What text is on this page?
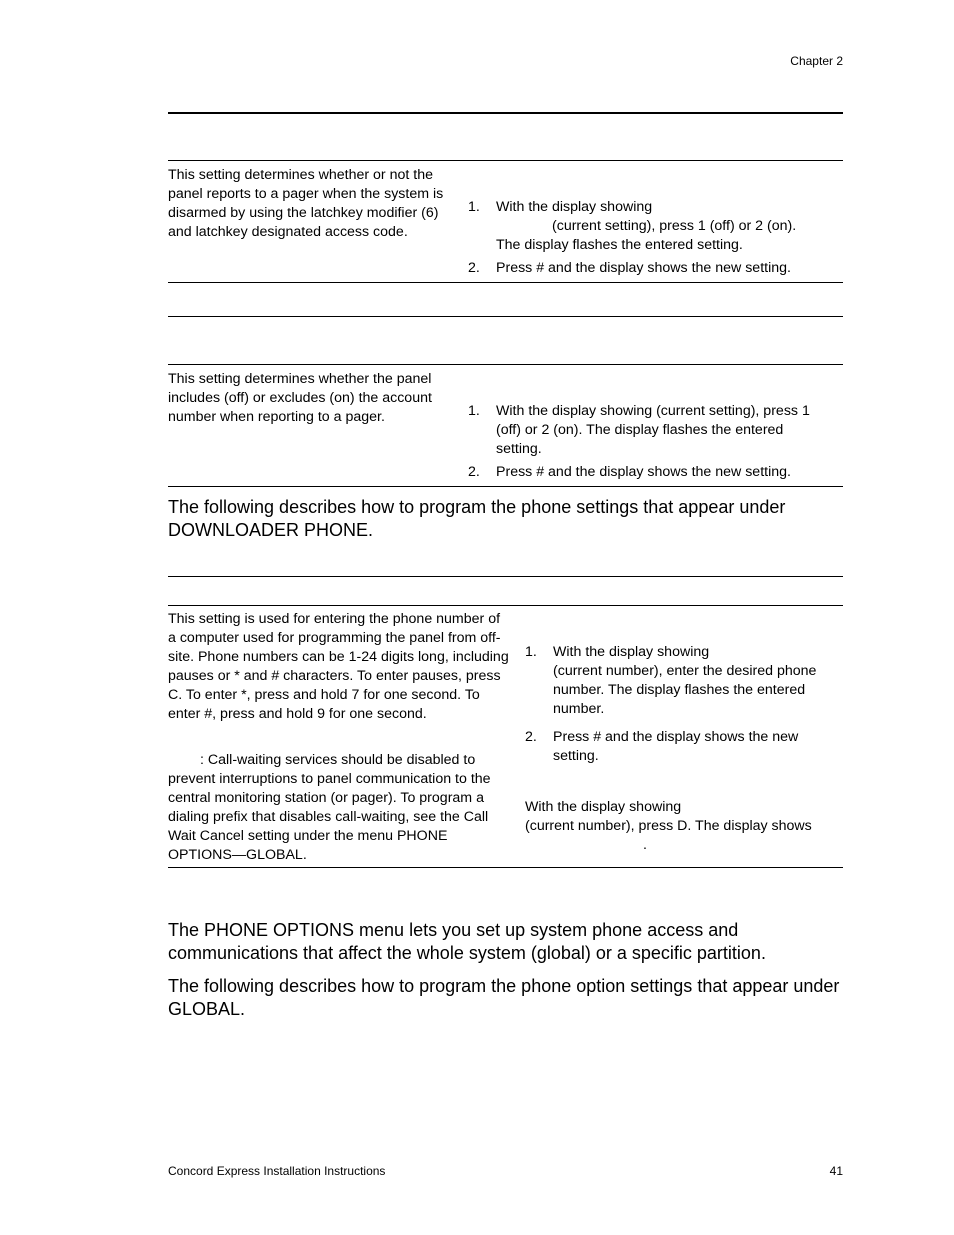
Chapter 2
This setting determines whether or not the panel reports to a pager when the system is disarmed by using the latchkey modifier (6) and latchkey designated access code.
1. With the display showing
(current setting), press 1 (off) or 2 (on).
The display flashes the entered setting.
2. Press # and the display shows the new setting.
This setting determines whether the panel includes (off) or excludes (on) the account number when reporting to a pager.	1. With the display showing (current setting), press 1 (off) or 2 (on). The display flashes the entered setting.
2. Press # and the display shows the new setting.

The following describes how to program the phone settings that appear under DOWNLOADER PHONE.

This setting is used for entering the phone number of a computer used for programming the panel from off-site. Phone numbers can be 1-24 digits long, including pauses or * and # characters. To enter pauses, press C. To enter *, press and hold 7 for one second. To enter #, press and hold 9 for one second.
: Call-waiting services should be disabled to prevent interruptions to panel communication to the central monitoring station (or pager). To program a dialing prefix that disables call-waiting, see the Call Wait Cancel setting under the menu PHONE OPTIONS—GLOBAL.
1. With the display showing
(current number), enter the desired phone number. The display flashes the entered number.
2. Press # and the display shows the new setting.
With the display showing
(current number), press D. The display shows
.

The PHONE OPTIONS menu lets you set up system phone access and communications that affect the whole system (global) or a specific partition.

The following describes how to program the phone option settings that appear under GLOBAL.

Concord Express Installation Instructions	41
